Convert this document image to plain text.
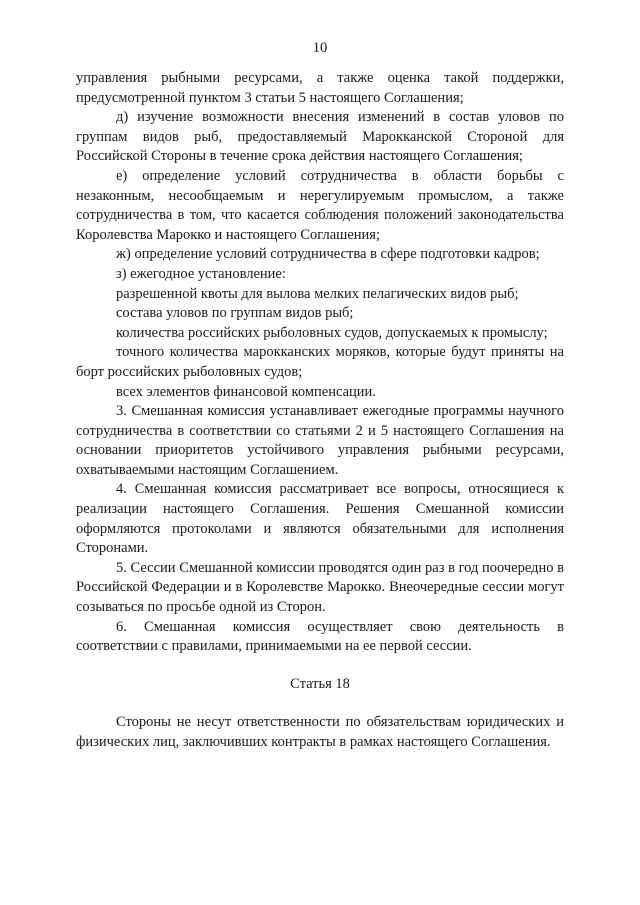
10

управления рыбными ресурсами, а также оценка такой поддержки, предусмотренной пунктом 3 статьи 5 настоящего Соглашения;

д) изучение возможности внесения изменений в состав уловов по группам видов рыб, предоставляемый Марокканской Стороной для Российской Стороны в течение срока действия настоящего Соглашения;

е) определение условий сотрудничества в области борьбы с незаконным, несообщаемым и нерегулируемым промыслом, а также сотрудничества в том, что касается соблюдения положений законодательства Королевства Марокко и настоящего Соглашения;

ж) определение условий сотрудничества в сфере подготовки кадров;

з) ежегодное установление:

разрешенной квоты для вылова мелких пелагических видов рыб;

состава уловов по группам видов рыб;

количества российских рыболовных судов, допускаемых к промыслу;

точного количества марокканских моряков, которые будут приняты на борт российских рыболовных судов;

всех элементов финансовой компенсации.

3. Смешанная комиссия устанавливает ежегодные программы научного сотрудничества в соответствии со статьями 2 и 5 настоящего Соглашения на основании приоритетов устойчивого управления рыбными ресурсами, охватываемыми настоящим Соглашением.

4. Смешанная комиссия рассматривает все вопросы, относящиеся к реализации настоящего Соглашения. Решения Смешанной комиссии оформляются протоколами и являются обязательными для исполнения Сторонами.

5. Сессии Смешанной комиссии проводятся один раз в год поочередно в Российской Федерации и в Королевстве Марокко. Внеочередные сессии могут созываться по просьбе одной из Сторон.

6. Смешанная комиссия осуществляет свою деятельность в соответствии с правилами, принимаемыми на ее первой сессии.

Статья 18

Стороны не несут ответственности по обязательствам юридических и физических лиц, заключивших контракты в рамках настоящего Соглашения.
